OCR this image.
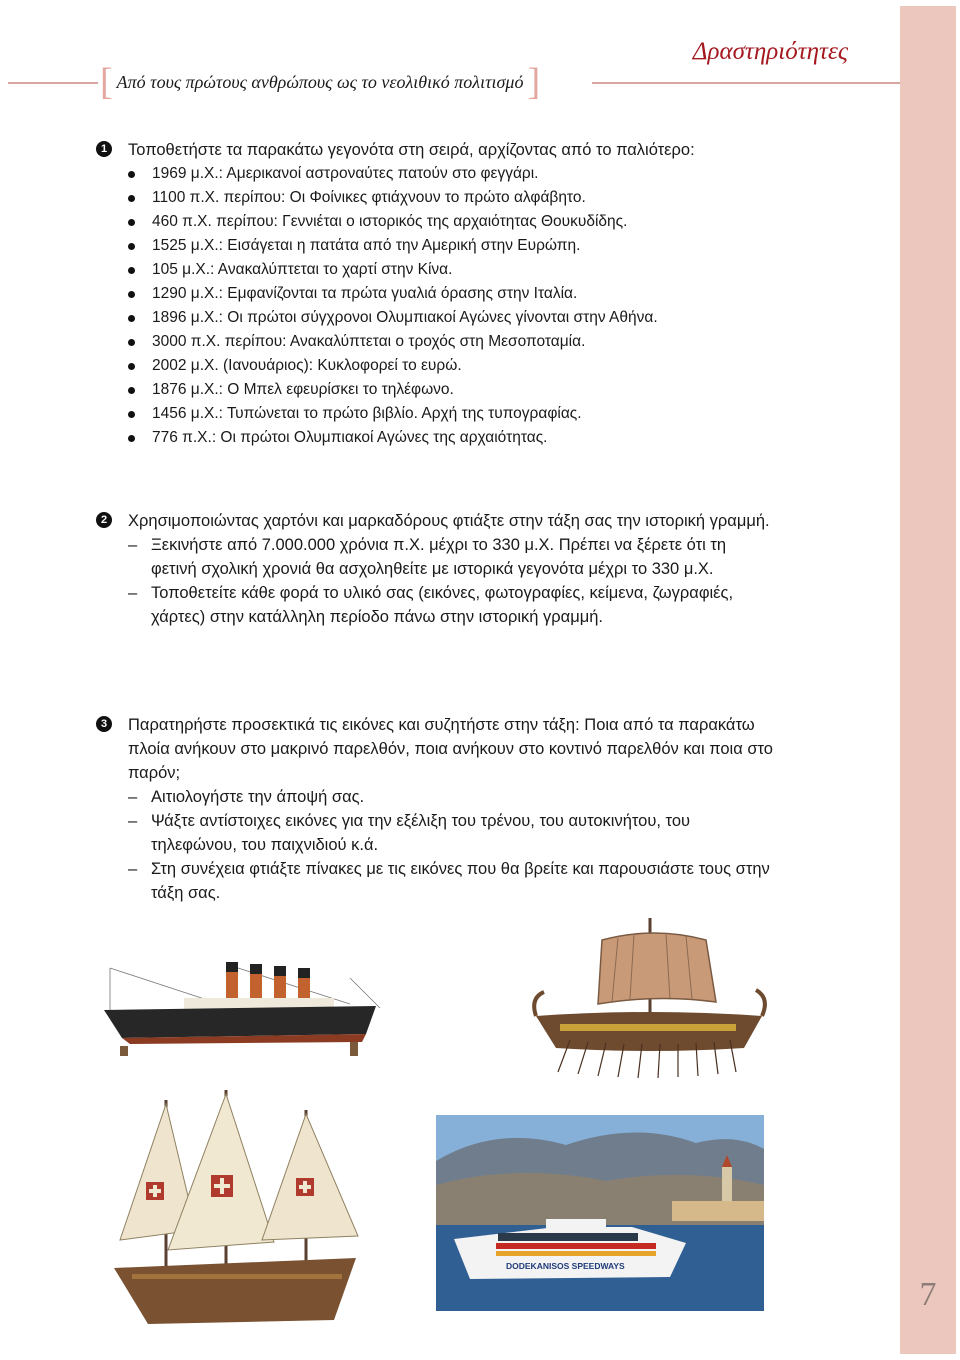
7
Δραστηριότητες
[ Από τους πρώτους ανθρώπους ως το νεολιθικό πολιτισμό ]
1 Τοποθετήστε τα παρακάτω γεγονότα στη σειρά, αρχίζοντας από το παλιότερο:
1969 μ.Χ.: Αμερικανοί αστροναύτες πατούν στο φεγγάρι.
1100 π.Χ. περίπου: Οι Φοίνικες φτιάχνουν το πρώτο αλφάβητο.
460 π.Χ. περίπου: Γεννιέται ο ιστορικός της αρχαιότητας Θουκυδίδης.
1525 μ.Χ.: Εισάγεται η πατάτα από την Αμερική στην Ευρώπη.
105 μ.Χ.: Ανακαλύπτεται το χαρτί στην Κίνα.
1290 μ.Χ.: Εμφανίζονται τα πρώτα γυαλιά όρασης στην Ιταλία.
1896 μ.Χ.: Οι πρώτοι σύγχρονοι Ολυμπιακοί Αγώνες γίνονται στην Αθήνα.
3000 π.Χ. περίπου: Ανακαλύπτεται ο τροχός στη Μεσοποταμία.
2002 μ.Χ. (Ιανουάριος): Κυκλοφορεί το ευρώ.
1876 μ.Χ.: Ο Μπελ εφευρίσκει το τηλέφωνο.
1456 μ.Χ.: Τυπώνεται το πρώτο βιβλίο. Αρχή της τυπογραφίας.
776 π.Χ.: Οι πρώτοι Ολυμπιακοί Αγώνες της αρχαιότητας.
2 Χρησιμοποιώντας χαρτόνι και μαρκαδόρους φτιάξτε στην τάξη σας την ιστορική γραμμή.
– Ξεκινήστε από 7.000.000 χρόνια π.Χ. μέχρι το 330 μ.Χ. Πρέπει να ξέρετε ότι τη φετινή σχολική χρονιά θα ασχοληθείτε με ιστορικά γεγονότα μέχρι το 330 μ.Χ.
– Τοποθετείτε κάθε φορά το υλικό σας (εικόνες, φωτογραφίες, κείμενα, ζωγραφιές, χάρτες) στην κατάλληλη περίοδο πάνω στην ιστορική γραμμή.
3 Παρατηρήστε προσεκτικά τις εικόνες και συζητήστε στην τάξη: Ποια από τα παρακάτω πλοία ανήκουν στο μακρινό παρελθόν, ποια ανήκουν στο κοντινό παρελθόν και ποια στο παρόν;
– Αιτιολογήστε την άποψή σας.
– Ψάξτε αντίστοιχες εικόνες για την εξέλιξη του τρένου, του αυτοκινήτου, του τηλεφώνου, του παιχνιδιού κ.ά.
– Στη συνέχεια φτιάξτε πίνακες με τις εικόνες που θα βρείτε και παρουσιάστε τους στην τάξη σας.
DODEKANISOS SPEEDWAYS
